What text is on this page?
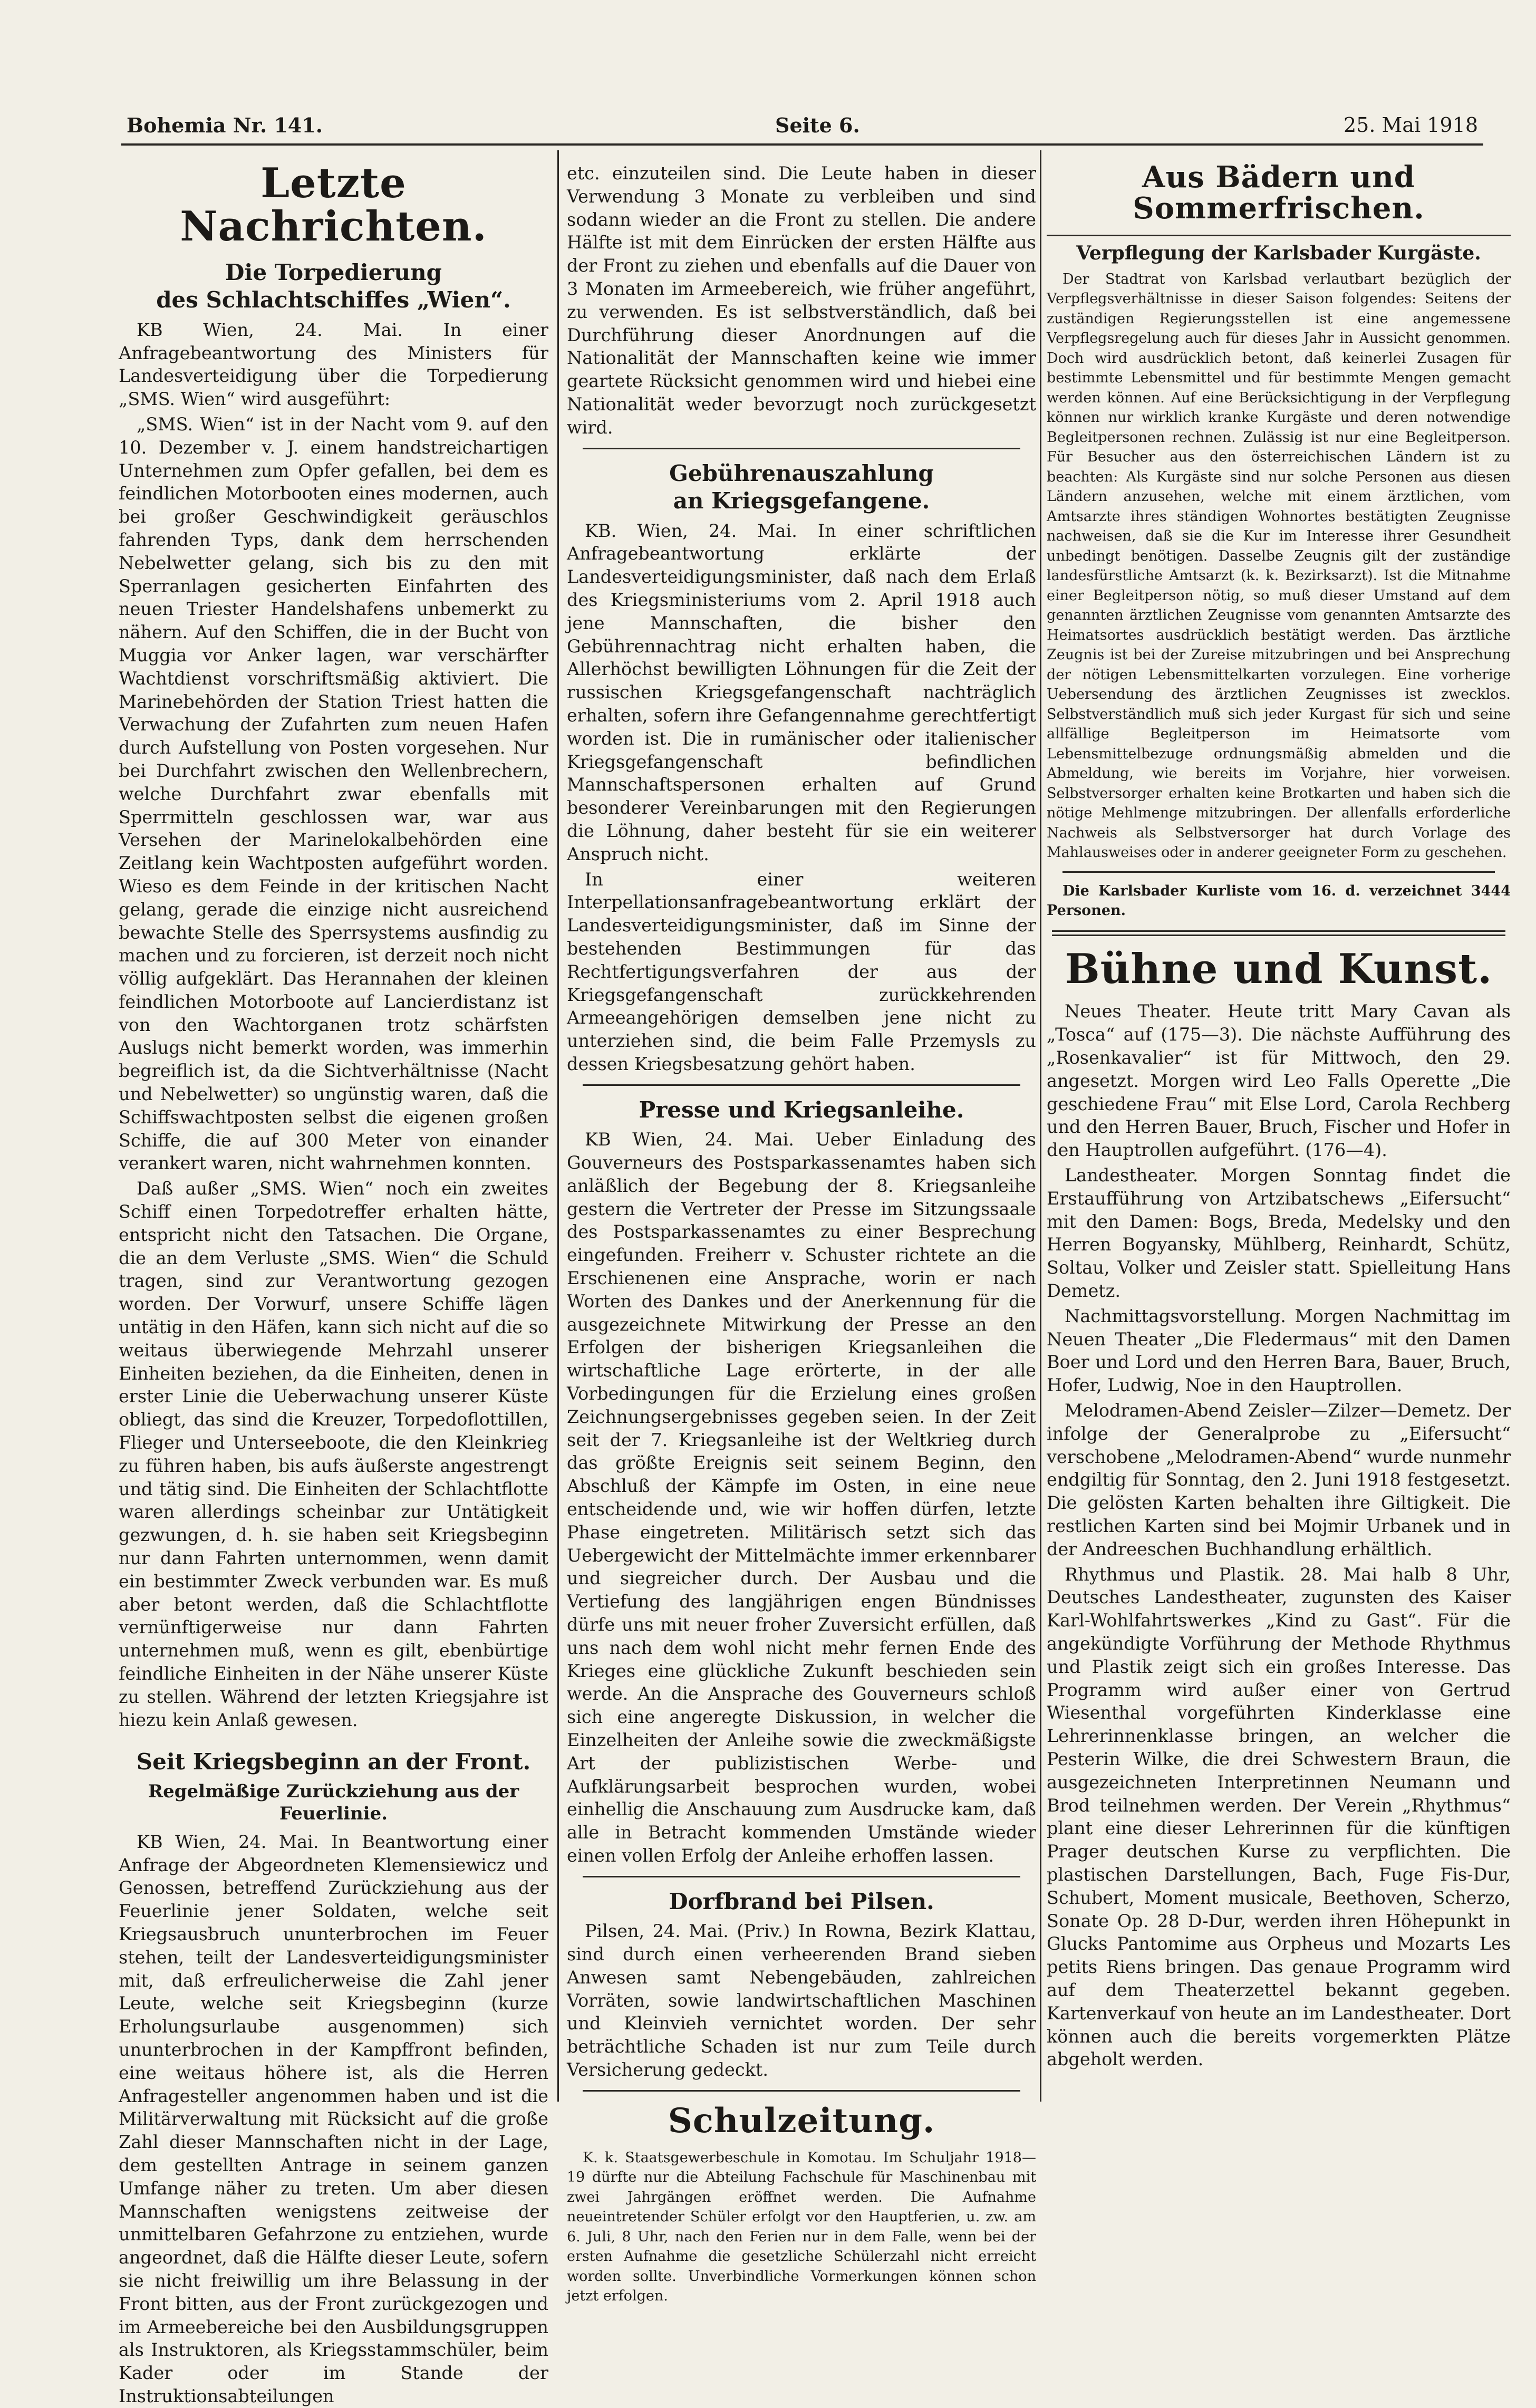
Bohemia Nr. 141.	Seite 6.	25. Mai 1918
Letzte Nachrichten.
Die Torpedierung
des Schlachtschiffes „Wien“.

KB Wien, 24. Mai. In einer Anfragebeantwortung des Ministers für Landesverteidigung über die Torpedierung „SMS. Wien“ wird ausgeführt:

„SMS. Wien“ ist in der Nacht vom 9. auf den 10. Dezember v. J. einem handstreichartigen Unternehmen zum Opfer gefallen, bei dem es feindlichen Motorbooten eines modernen, auch bei großer Geschwindigkeit geräuschlos fahrenden Typs, dank dem herrschenden Nebelwetter gelang, sich bis zu den mit Sperranlagen gesicherten Einfahrten des neuen Triester Handelshafens unbemerkt zu nähern. Auf den Schiffen, die in der Bucht von Muggia vor Anker lagen, war verschärfter Wachtdienst vorschriftsmäßig aktiviert. Die Marinebehörden der Station Triest hatten die Verwachung der Zufahrten zum neuen Hafen durch Aufstellung von Posten vorgesehen. Nur bei Durchfahrt zwischen den Wellenbrechern, welche Durchfahrt zwar ebenfalls mit Sperrmitteln geschlossen war, war aus Versehen der Marinelokalbehörden eine Zeitlang kein Wachtposten aufgeführt worden. Wieso es dem Feinde in der kritischen Nacht gelang, gerade die einzige nicht ausreichend bewachte Stelle des Sperrsystems ausfindig zu machen und zu forcieren, ist derzeit noch nicht völlig aufgeklärt. Das Herannahen der kleinen feindlichen Motorboote auf Lancierdistanz ist von den Wachtorganen trotz schärfsten Auslugs nicht bemerkt worden, was immerhin begreiflich ist, da die Sichtverhältnisse (Nacht und Nebelwetter) so ungünstig waren, daß die Schiffswachtposten selbst die eigenen großen Schiffe, die auf 300 Meter von einander verankert waren, nicht wahrnehmen konnten.

Daß außer „SMS. Wien“ noch ein zweites Schiff einen Torpedotreffer erhalten hätte, entspricht nicht den Tatsachen. Die Organe, die an dem Verluste „SMS. Wien“ die Schuld tragen, sind zur Verantwortung gezogen worden. Der Vorwurf, unsere Schiffe lägen untätig in den Häfen, kann sich nicht auf die so weitaus überwiegende Mehrzahl unserer Einheiten beziehen, da die Einheiten, denen in erster Linie die Ueberwachung unserer Küste obliegt, das sind die Kreuzer, Torpedoflottillen, Flieger und Unterseeboote, die den Kleinkrieg zu führen haben, bis aufs äußerste angestrengt und tätig sind. Die Einheiten der Schlachtflotte waren allerdings scheinbar zur Untätigkeit gezwungen, d. h. sie haben seit Kriegsbeginn nur dann Fahrten unternommen, wenn damit ein bestimmter Zweck verbunden war. Es muß aber betont werden, daß die Schlachtflotte vernünftigerweise nur dann Fahrten unternehmen muß, wenn es gilt, ebenbürtige feindliche Einheiten in der Nähe unserer Küste zu stellen. Während der letzten Kriegsjahre ist hiezu kein Anlaß gewesen.

Seit Kriegsbeginn an der Front.
Regelmäßige Zurückziehung aus der Feuerlinie.

KB Wien, 24. Mai. In Beantwortung einer Anfrage der Abgeordneten Klemensiewicz und Genossen, betreffend Zurückziehung aus der Feuerlinie jener Soldaten, welche seit Kriegsausbruch ununterbrochen im Feuer stehen, teilt der Landesverteidigungsminister mit, daß erfreulicherweise die Zahl jener Leute, welche seit Kriegsbeginn (kurze Erholungsurlaube ausgenommen) sich ununterbrochen in der Kampffront befinden, eine weitaus höhere ist, als die Herren Anfragesteller angenommen haben und ist die Militärverwaltung mit Rücksicht auf die große Zahl dieser Mannschaften nicht in der Lage, dem gestellten Antrage in seinem ganzen Umfange näher zu treten. Um aber diesen Mannschaften wenigstens zeitweise der unmittelbaren Gefahrzone zu entziehen, wurde angeordnet, daß die Hälfte dieser Leute, sofern sie nicht freiwillig um ihre Belassung in der Front bitten, aus der Front zurückgezogen und im Armeebereiche bei den Ausbildungsgruppen als Instruktoren, als Kriegsstammschüler, beim Kader oder im Stande der Instruktionsabteilungen

etc. einzuteilen sind. Die Leute haben in dieser Verwendung 3 Monate zu verbleiben und sind sodann wieder an die Front zu stellen. Die andere Hälfte ist mit dem Einrücken der ersten Hälfte aus der Front zu ziehen und ebenfalls auf die Dauer von 3 Monaten im Armeebereich, wie früher angeführt, zu verwenden. Es ist selbstverständlich, daß bei Durchführung dieser Anordnungen auf die Nationalität der Mannschaften keine wie immer geartete Rücksicht genommen wird und hiebei eine Nationalität weder bevorzugt noch zurückgesetzt wird.

Gebührenauszahlung
an Kriegsgefangene.

KB. Wien, 24. Mai. In einer schriftlichen Anfragebeantwortung erklärte der Landesverteidigungsminister, daß nach dem Erlaß des Kriegsministeriums vom 2. April 1918 auch jene Mannschaften, die bisher den Gebührennachtrag nicht erhalten haben, die Allerhöchst bewilligten Löhnungen für die Zeit der russischen Kriegsgefangenschaft nachträglich erhalten, sofern ihre Gefangennahme gerechtfertigt worden ist. Die in rumänischer oder italienischer Kriegsgefangenschaft befindlichen Mannschaftspersonen erhalten auf Grund besonderer Vereinbarungen mit den Regierungen die Löhnung, daher besteht für sie ein weiterer Anspruch nicht.

In einer weiteren Interpellationsanfragebeantwortung erklärt der Landesverteidigungsminister, daß im Sinne der bestehenden Bestimmungen für das Rechtfertigungsverfahren der aus der Kriegsgefangenschaft zurückkehrenden Armeeangehörigen demselben jene nicht zu unterziehen sind, die beim Falle Przemysls zu dessen Kriegsbesatzung gehört haben.

Presse und Kriegsanleihe.

KB Wien, 24. Mai. Ueber Einladung des Gouverneurs des Postsparkassenamtes haben sich anläßlich der Begebung der 8. Kriegsanleihe gestern die Vertreter der Presse im Sitzungssaale des Postsparkassenamtes zu einer Besprechung eingefunden. Freiherr v. Schuster richtete an die Erschienenen eine Ansprache, worin er nach Worten des Dankes und der Anerkennung für die ausgezeichnete Mitwirkung der Presse an den Erfolgen der bisherigen Kriegsanleihen die wirtschaftliche Lage erörterte, in der alle Vorbedingungen für die Erzielung eines großen Zeichnungsergebnisses gegeben seien. In der Zeit seit der 7. Kriegsanleihe ist der Weltkrieg durch das größte Ereignis seit seinem Beginn, den Abschluß der Kämpfe im Osten, in eine neue entscheidende und, wie wir hoffen dürfen, letzte Phase eingetreten. Militärisch setzt sich das Uebergewicht der Mittelmächte immer erkennbarer und siegreicher durch. Der Ausbau und die Vertiefung des langjährigen engen Bündnisses dürfe uns mit neuer froher Zuversicht erfüllen, daß uns nach dem wohl nicht mehr fernen Ende des Krieges eine glückliche Zukunft beschieden sein werde. An die Ansprache des Gouverneurs schloß sich eine angeregte Diskussion, in welcher die Einzelheiten der Anleihe sowie die zweckmäßigste Art der publizistischen Werbe- und Aufklärungsarbeit besprochen wurden, wobei einhellig die Anschauung zum Ausdrucke kam, daß alle in Betracht kommenden Umstände wieder einen vollen Erfolg der Anleihe erhoffen lassen.

Dorfbrand bei Pilsen.

Pilsen, 24. Mai. (Priv.) In Rowna, Bezirk Klattau, sind durch einen verheerenden Brand sieben Anwesen samt Nebengebäuden, zahlreichen Vorräten, sowie landwirtschaftlichen Maschinen und Kleinvieh vernichtet worden. Der sehr beträchtliche Schaden ist nur zum Teile durch Versicherung gedeckt.

Schulzeitung.

K. k. Staatsgewerbeschule in Komotau. Im Schuljahr 1918—19 dürfte nur die Abteilung Fachschule für Maschinenbau mit zwei Jahrgängen eröffnet werden. Die Aufnahme neueintretender Schüler erfolgt vor den Hauptferien, u. zw. am 6. Juli, 8 Uhr, nach den Ferien nur in dem Falle, wenn bei der ersten Aufnahme die gesetzliche Schülerzahl nicht erreicht worden sollte. Unverbindliche Vormerkungen können schon jetzt erfolgen.

Aus Bädern und Sommerfrischen.
Verpflegung der Karlsbader Kurgäste.

Der Stadtrat von Karlsbad verlautbart bezüglich der Verpflegsverhältnisse in dieser Saison folgendes: Seitens der zuständigen Regierungsstellen ist eine angemessene Verpflegsregelung auch für dieses Jahr in Aussicht genommen. Doch wird ausdrücklich betont, daß keinerlei Zusagen für bestimmte Lebensmittel und für bestimmte Mengen gemacht werden können. Auf eine Berücksichtigung in der Verpflegung können nur wirklich kranke Kurgäste und deren notwendige Begleitpersonen rechnen. Zulässig ist nur eine Begleitperson. Für Besucher aus den österreichischen Ländern ist zu beachten: Als Kurgäste sind nur solche Personen aus diesen Ländern anzusehen, welche mit einem ärztlichen, vom Amtsarzte ihres ständigen Wohnortes bestätigten Zeugnisse nachweisen, daß sie die Kur im Interesse ihrer Gesundheit unbedingt benötigen. Dasselbe Zeugnis gilt der zuständige landesfürstliche Amtsarzt (k. k. Bezirksarzt). Ist die Mitnahme einer Begleitperson nötig, so muß dieser Umstand auf dem genannten ärztlichen Zeugnisse vom genannten Amtsarzte des Heimatsortes ausdrücklich bestätigt werden. Das ärztliche Zeugnis ist bei der Zureise mitzubringen und bei Ansprechung der nötigen Lebensmittelkarten vorzulegen. Eine vorherige Uebersendung des ärztlichen Zeugnisses ist zwecklos. Selbstverständlich muß sich jeder Kurgast für sich und seine allfällige Begleitperson im Heimatsorte vom Lebensmittelbezuge ordnungsmäßig abmelden und die Abmeldung, wie bereits im Vorjahre, hier vorweisen. Selbstversorger erhalten keine Brotkarten und haben sich die nötige Mehlmenge mitzubringen. Der allenfalls erforderliche Nachweis als Selbstversorger hat durch Vorlage des Mahlausweises oder in anderer geeigneter Form zu geschehen.

Die Karlsbader Kurliste vom 16. d. verzeichnet 3444 Personen.

Bühne und Kunst.

Neues Theater. Heute tritt Mary Cavan als „Tosca“ auf (175—3). Die nächste Aufführung des „Rosenkavalier“ ist für Mittwoch, den 29. angesetzt. Morgen wird Leo Falls Operette „Die geschiedene Frau“ mit Else Lord, Carola Rechberg und den Herren Bauer, Bruch, Fischer und Hofer in den Hauptrollen aufgeführt. (176—4).

Landestheater. Morgen Sonntag findet die Erstaufführung von Artzibatschews „Eifersucht“ mit den Damen: Bogs, Breda, Medelsky und den Herren Bogyansky, Mühlberg, Reinhardt, Schütz, Soltau, Volker und Zeisler statt. Spielleitung Hans Demetz.

Nachmittagsvorstellung. Morgen Nachmittag im Neuen Theater „Die Fledermaus“ mit den Damen Boer und Lord und den Herren Bara, Bauer, Bruch, Hofer, Ludwig, Noe in den Hauptrollen.

Melodramen-Abend Zeisler—Zilzer—Demetz. Der infolge der Generalprobe zu „Eifersucht“ verschobene „Melodramen-Abend“ wurde nunmehr endgiltig für Sonntag, den 2. Juni 1918 festgesetzt. Die gelösten Karten behalten ihre Giltigkeit. Die restlichen Karten sind bei Mojmir Urbanek und in der Andreeschen Buchhandlung erhältlich.

Rhythmus und Plastik. 28. Mai halb 8 Uhr, Deutsches Landestheater, zugunsten des Kaiser Karl-Wohlfahrtswerkes „Kind zu Gast“. Für die angekündigte Vorführung der Methode Rhythmus und Plastik zeigt sich ein großes Interesse. Das Programm wird außer einer von Gertrud Wiesenthal vorgeführten Kinderklasse eine Lehrerinnenklasse bringen, an welcher die Pesterin Wilke, die drei Schwestern Braun, die ausgezeichneten Interpretinnen Neumann und Brod teilnehmen werden. Der Verein „Rhythmus“ plant eine dieser Lehrerinnen für die künftigen Prager deutschen Kurse zu verpflichten. Die plastischen Darstellungen, Bach, Fuge Fis-Dur, Schubert, Moment musicale, Beethoven, Scherzo, Sonate Op. 28 D-Dur, werden ihren Höhepunkt in Glucks Pantomime aus Orpheus und Mozarts Les petits Riens bringen. Das genaue Programm wird auf dem Theaterzettel bekannt gegeben. Kartenverkauf von heute an im Landestheater. Dort können auch die bereits vorgemerkten Plätze abgeholt werden.
